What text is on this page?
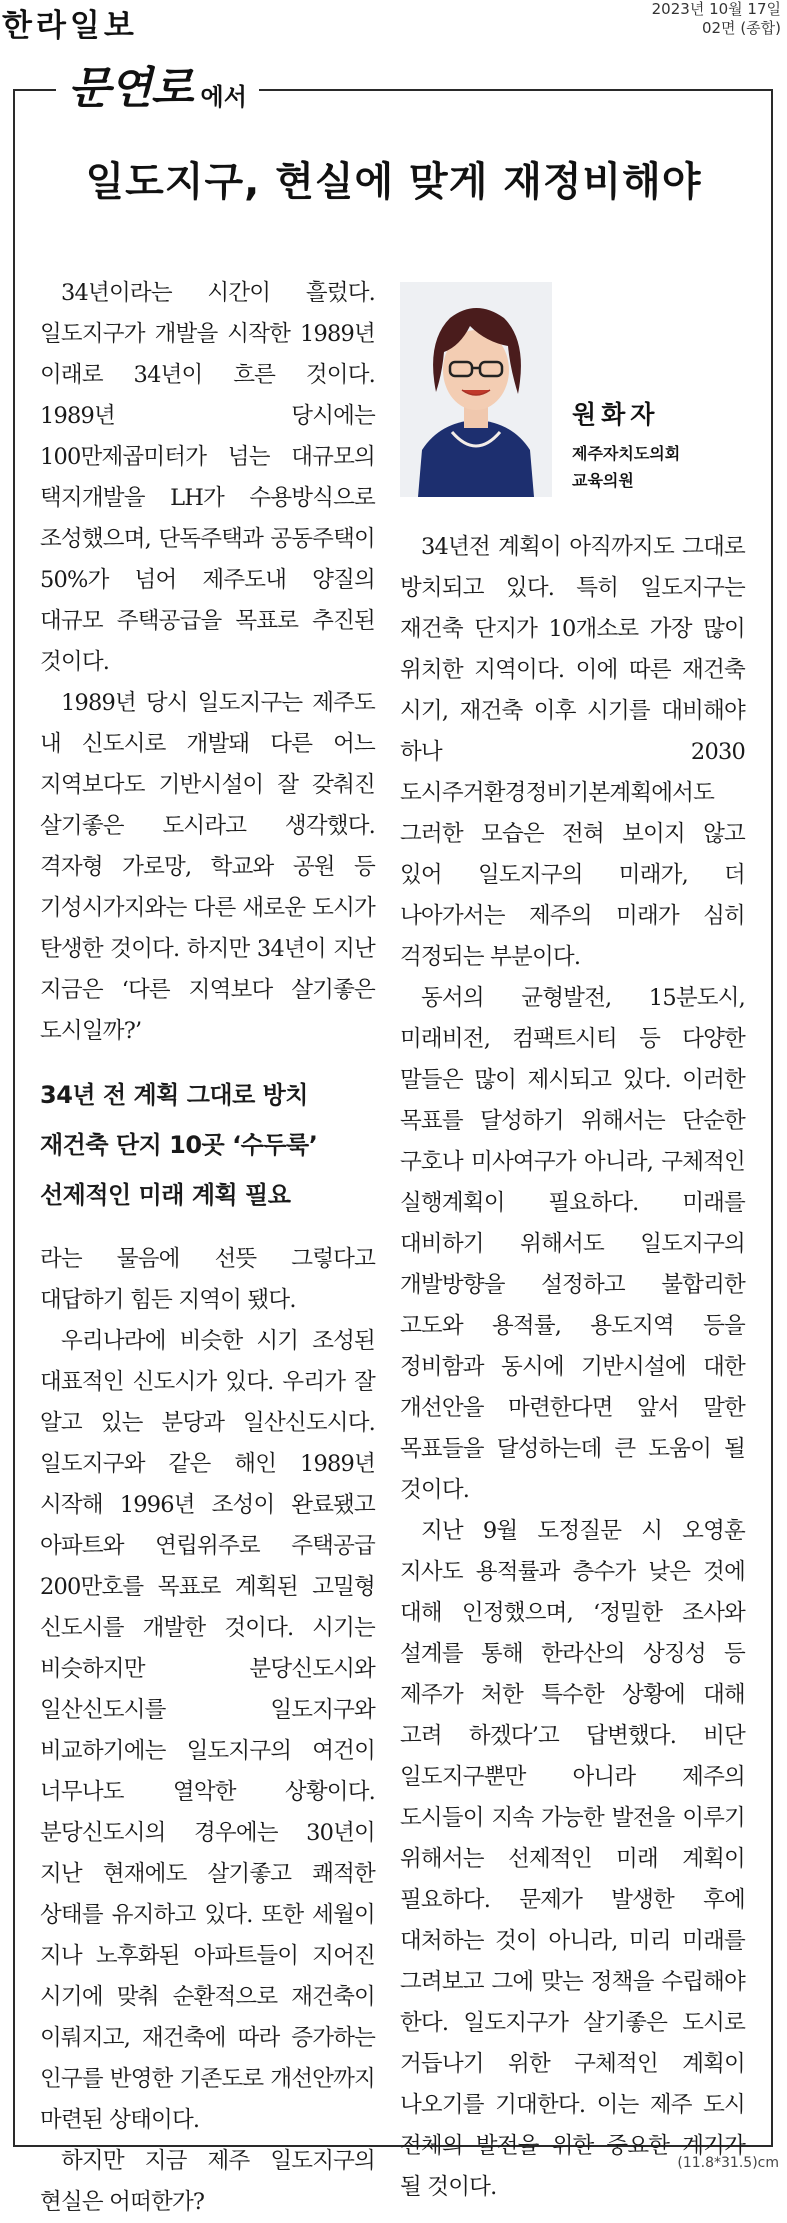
한라일보	2023년 10월 17일
02면 (종합)
문연로 에서
일도지구, 현실에 맞게 재정비해야

34년이라는 시간이 흘렀다. 일도지구가 개발을 시작한 1989년 이래로 34년이 흐른 것이다. 1989년 당시에는 100만제곱미터가 넘는 대규모의 택지개발을 LH가 수용방식으로 조성했으며, 단독주택과 공동주택이 50%가 넘어 제주도내 양질의 대규모 주택공급을 목표로 추진된 것이다.

1989년 당시 일도지구는 제주도 내 신도시로 개발돼 다른 어느 지역보다도 기반시설이 잘 갖춰진 살기좋은 도시라고 생각했다. 격자형 가로망, 학교와 공원 등 기성시가지와는 다른 새로운 도시가 탄생한 것이다. 하지만 34년이 지난 지금은 ‘다른 지역보다 살기좋은 도시일까?’

34년 전 계획 그대로 방치
재건축 단지 10곳 ‘수두룩’
선제적인 미래 계획 필요

라는 물음에 선뜻 그렇다고 대답하기 힘든 지역이 됐다.

우리나라에 비슷한 시기 조성된 대표적인 신도시가 있다. 우리가 잘 알고 있는 분당과 일산신도시다. 일도지구와 같은 해인 1989년 시작해 1996년 조성이 완료됐고 아파트와 연립위주로 주택공급 200만호를 목표로 계획된 고밀형 신도시를 개발한 것이다. 시기는 비슷하지만 분당신도시와 일산신도시를 일도지구와 비교하기에는 일도지구의 여건이 너무나도 열악한 상황이다. 분당신도시의 경우에는 30년이 지난 현재에도 살기좋고 쾌적한 상태를 유지하고 있다. 또한 세월이 지나 노후화된 아파트들이 지어진 시기에 맞춰 순환적으로 재건축이 이뤄지고, 재건축에 따라 증가하는 인구를 반영한 기존도로 개선안까지 마련된 상태이다.

하지만 지금 제주 일도지구의 현실은 어떠한가?

원화자
제주자치도의회
교육의원

34년전 계획이 아직까지도 그대로 방치되고 있다. 특히 일도지구는 재건축 단지가 10개소로 가장 많이 위치한 지역이다. 이에 따른 재건축 시기, 재건축 이후 시기를 대비해야 하나 2030 도시주거환경정비기본계획에서도 그러한 모습은 전혀 보이지 않고 있어 일도지구의 미래가, 더 나아가서는 제주의 미래가 심히 걱정되는 부분이다.

동서의 균형발전, 15분도시, 미래비전, 컴팩트시티 등 다양한 말들은 많이 제시되고 있다. 이러한 목표를 달성하기 위해서는 단순한 구호나 미사여구가 아니라, 구체적인 실행계획이 필요하다. 미래를 대비하기 위해서도 일도지구의 개발방향을 설정하고 불합리한 고도와 용적률, 용도지역 등을 정비함과 동시에 기반시설에 대한 개선안을 마련한다면 앞서 말한 목표들을 달성하는데 큰 도움이 될 것이다.

지난 9월 도정질문 시 오영훈 지사도 용적률과 층수가 낮은 것에 대해 인정했으며, ‘정밀한 조사와 설계를 통해 한라산의 상징성 등 제주가 처한 특수한 상황에 대해 고려 하겠다’고 답변했다. 비단 일도지구뿐만 아니라 제주의 도시들이 지속 가능한 발전을 이루기 위해서는 선제적인 미래 계획이 필요하다. 문제가 발생한 후에 대처하는 것이 아니라, 미리 미래를 그려보고 그에 맞는 정책을 수립해야 한다. 일도지구가 살기좋은 도시로 거듭나기 위한 구체적인 계획이 나오기를 기대한다. 이는 제주 도시 전체의 발전을 위한 중요한 계기가 될 것이다.

(11.8*31.5)cm
